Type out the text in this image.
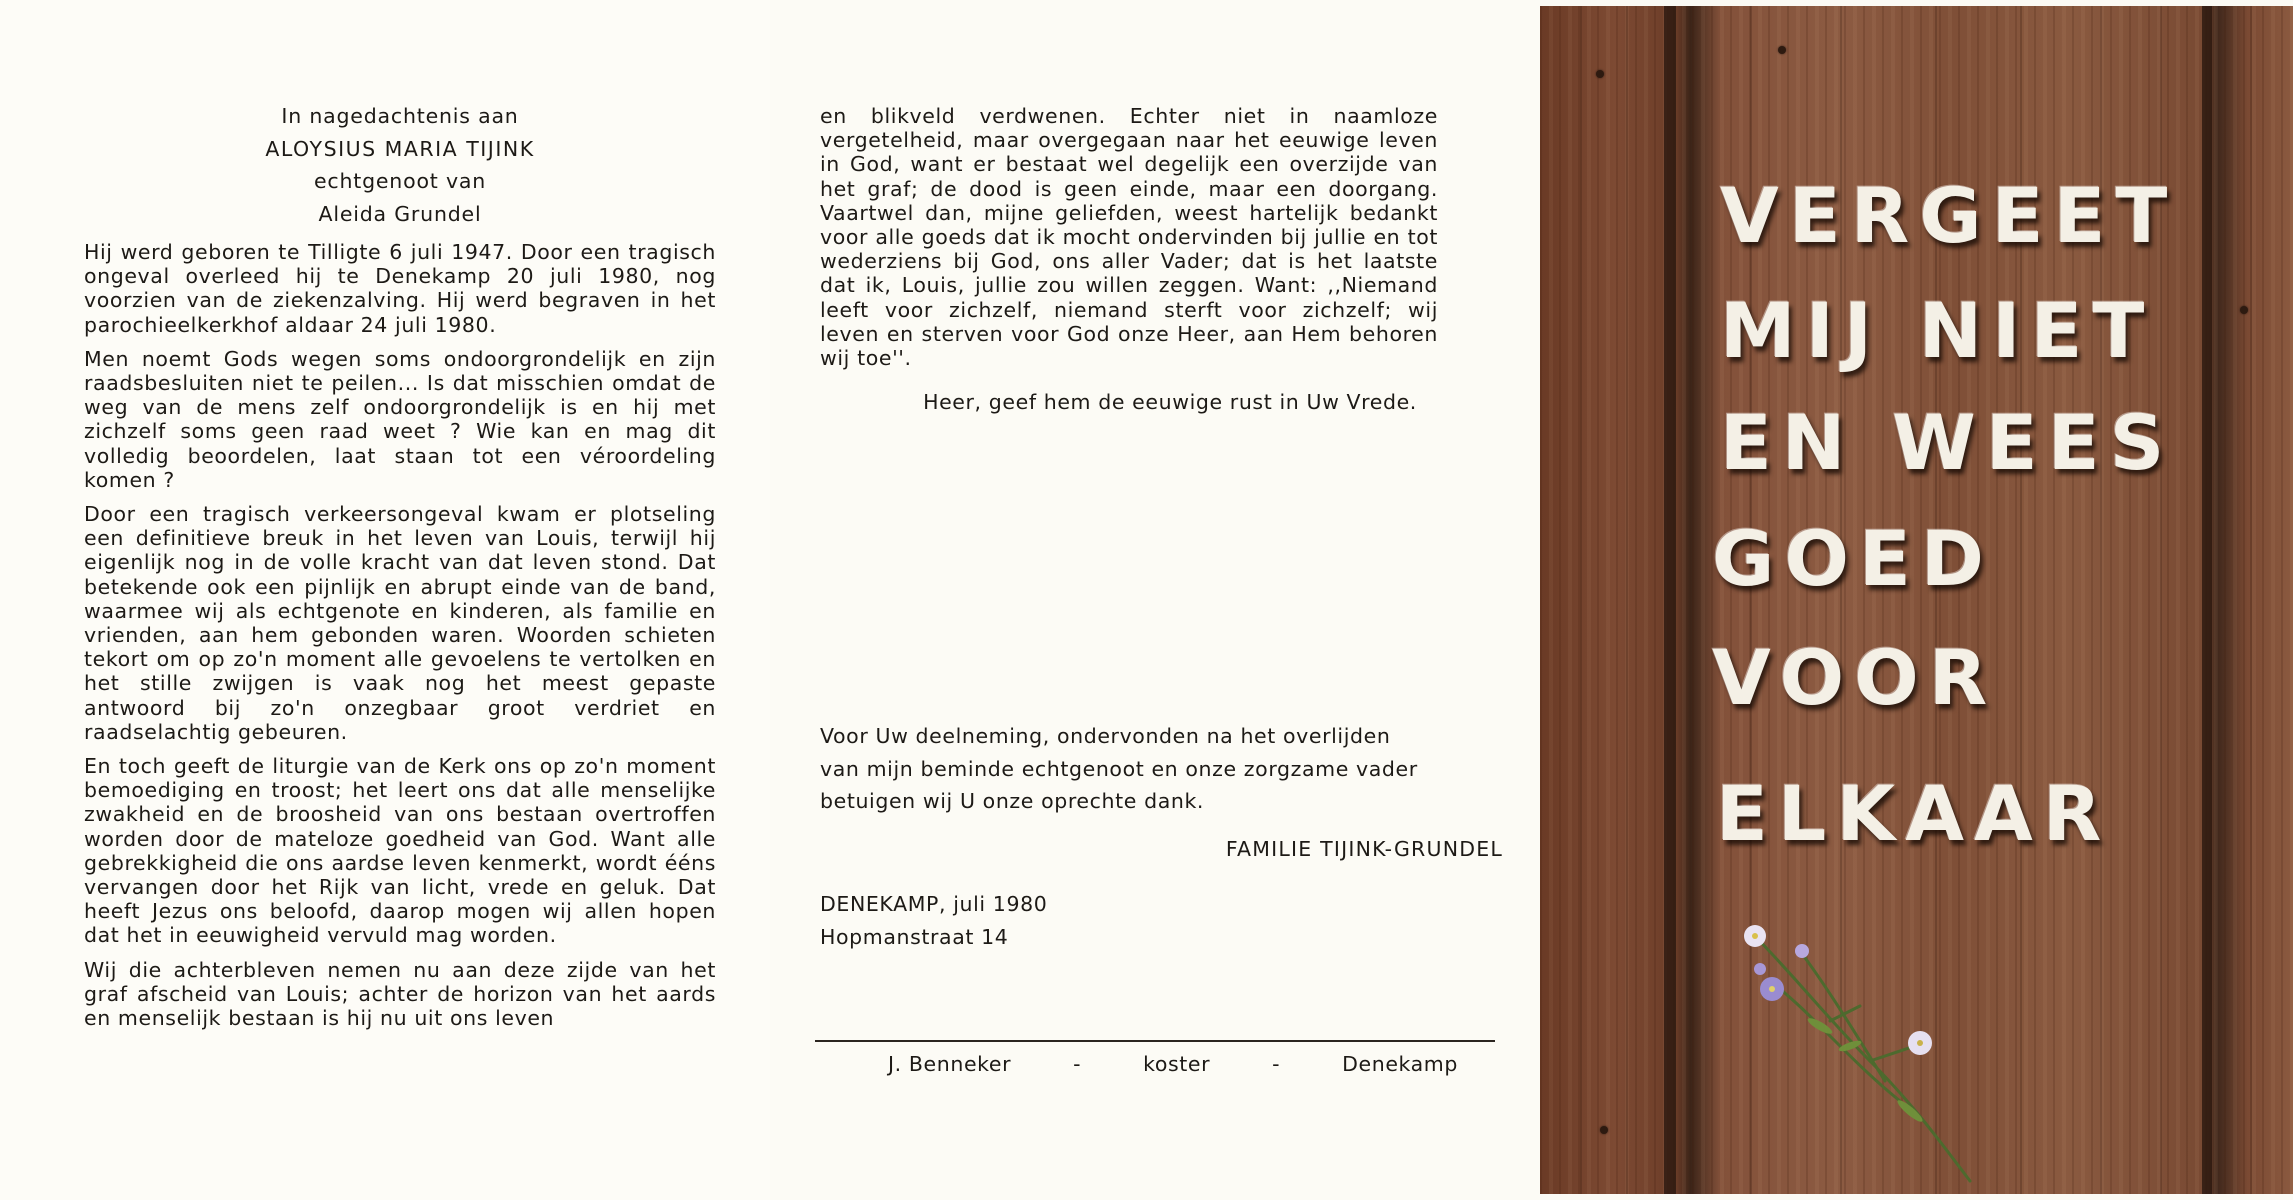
In nagedachtenis aan
ALOYSIUS MARIA TIJINK
echtgenoot van
Aleida Grundel

Hij werd geboren te Tilligte 6 juli 1947. Door een tragisch ongeval overleed hij te Denekamp 20 juli 1980, nog voorzien van de ziekenzalving. Hij werd begraven in het parochieelkerkhof aldaar 24 juli 1980.

Men noemt Gods wegen soms ondoorgrondelijk en zijn raadsbesluiten niet te peilen... Is dat misschien omdat de weg van de mens zelf ondoorgrondelijk is en hij met zichzelf soms geen raad weet ? Wie kan en mag dit volledig beoordelen, laat staan tot een véroordeling komen ?

Door een tragisch verkeersongeval kwam er plotseling een definitieve breuk in het leven van Louis, terwijl hij eigenlijk nog in de volle kracht van dat leven stond. Dat betekende ook een pijnlijk en abrupt einde van de band, waarmee wij als echtgenote en kinderen, als familie en vrienden, aan hem gebonden waren. Woorden schieten tekort om op zo'n moment alle gevoelens te vertolken en het stille zwijgen is vaak nog het meest gepaste antwoord bij zo'n onzegbaar groot verdriet en raadselachtig gebeuren.

En toch geeft de liturgie van de Kerk ons op zo'n moment bemoediging en troost; het leert ons dat alle menselijke zwakheid en de broosheid van ons bestaan overtroffen worden door de mateloze goedheid van God. Want alle gebrekkigheid die ons aardse leven kenmerkt, wordt ééns vervangen door het Rijk van licht, vrede en geluk. Dat heeft Jezus ons beloofd, daarop mogen wij allen hopen dat het in eeuwigheid vervuld mag worden.

Wij die achterbleven nemen nu aan deze zijde van het graf afscheid van Louis; achter de horizon van het aards en menselijk bestaan is hij nu uit ons leven

en blikveld verdwenen. Echter niet in naamloze vergetelheid, maar overgegaan naar het eeuwige leven in God, want er bestaat wel degelijk een overzijde van het graf; de dood is geen einde, maar een doorgang. Vaartwel dan, mijne geliefden, weest hartelijk bedankt voor alle goeds dat ik mocht ondervinden bij jullie en tot wederziens bij God, ons aller Vader; dat is het laatste dat ik, Louis, jullie zou willen zeggen. Want: ,,Niemand leeft voor zichzelf, niemand sterft voor zichzelf; wij leven en sterven voor God onze Heer, aan Hem behoren wij toe''.

Heer, geef hem de eeuwige rust in Uw Vrede.
Voor Uw deelneming, ondervonden na het overlijden
van mijn beminde echtgenoot en onze zorgzame vader
betuigen wij U onze oprechte dank.
FAMILIE TIJINK-GRUNDEL
DENEKAMP, juli 1980
Hopmanstraat 14
J. Benneker	-	koster	-	Denekamp
VERGEET
MIJ NIET
EN WEES
GOED
VOOR
ELKAAR
